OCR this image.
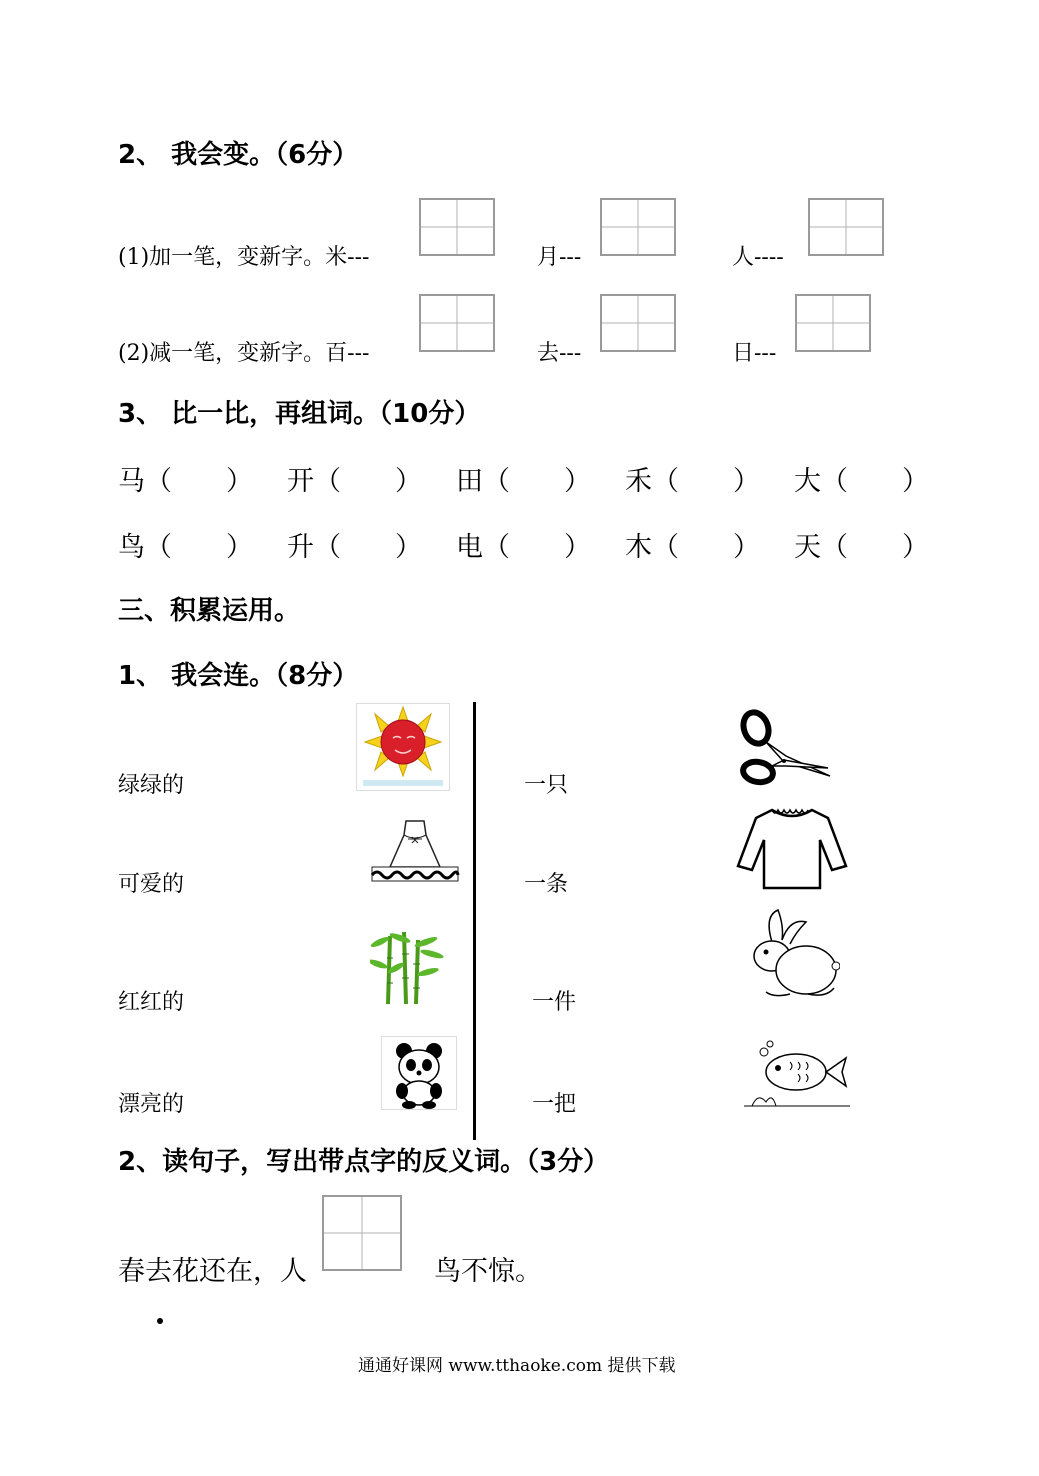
2、 我会变。（6分）
(1)加一笔，变新字。米---	月---	人----
(2)减一笔，变新字。百---	去---	日---
3、 比一比，再组词。（10分）
马（　　） 开（　　） 田（　　） 禾（　　） 大（　　）
鸟（　　） 升（　　） 电（　　） 木（　　） 天（　　）
三、积累运用。
1、 我会连。（8分）
绿绿的
可爱的
红红的
漂亮的
一只
一条
一件
一把
2、读句子，写出带点字的反义词。（3分）
春去花还在，人	鸟不惊。
通通好课网 www.tthaoke.com 提供下载
